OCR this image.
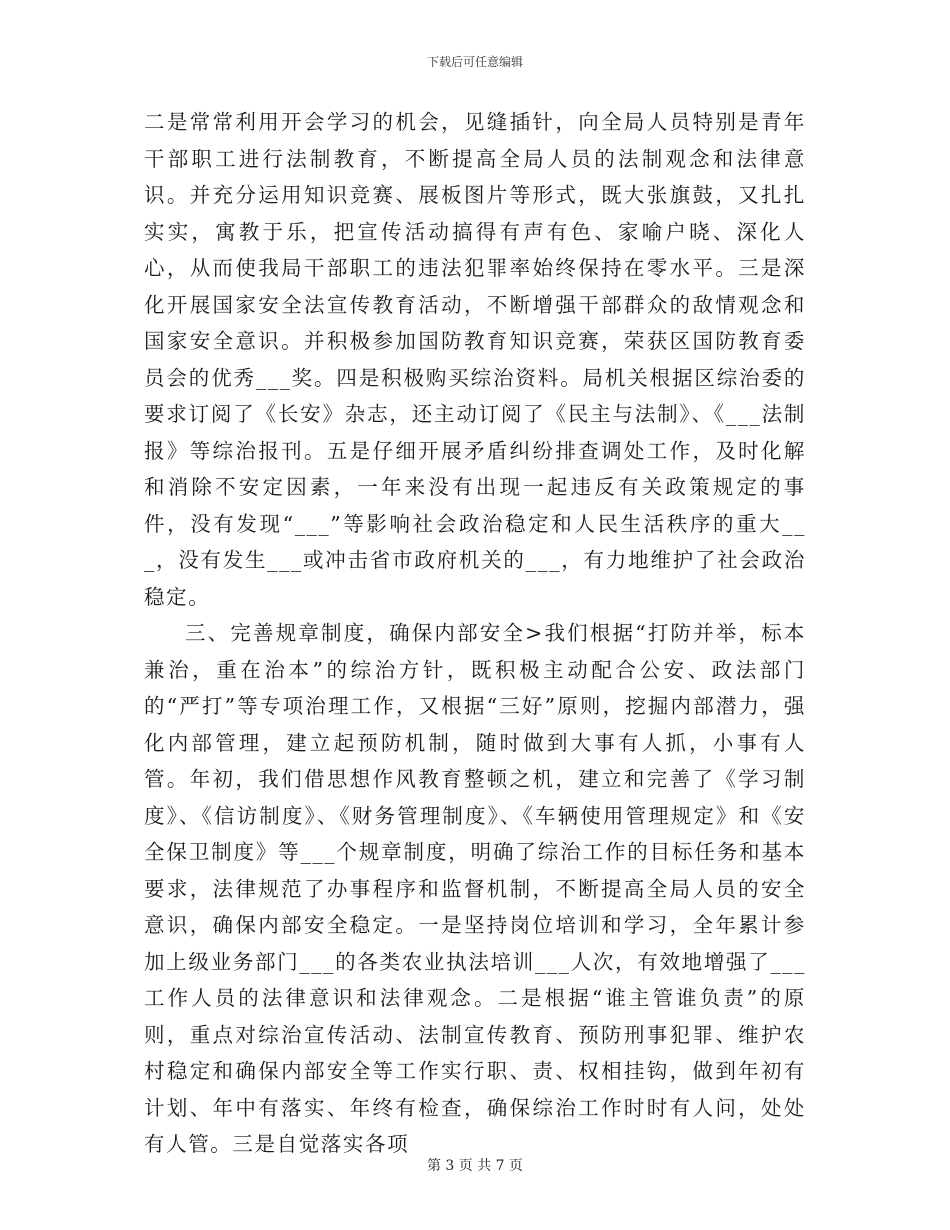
下载后可任意编辑

二是常常利用开会学习的机会，见缝插针，向全局人员特别是青年干部职工进行法制教育，不断提高全局人员的法制观念和法律意识。并充分运用知识竞赛、展板图片等形式，既大张旗鼓，又扎扎实实，寓教于乐，把宣传活动搞得有声有色、家喻户晓、深化人心，从而使我局干部职工的违法犯罪率始终保持在零水平。三是深化开展国家安全法宣传教育活动，不断增强干部群众的敌情观念和国家安全意识。并积极参加国防教育知识竞赛，荣获区国防教育委员会的优秀___奖。四是积极购买综治资料。局机关根据区综治委的要求订阅了《长安》杂志，还主动订阅了《民主与法制》、《___法制报》等综治报刊。五是仔细开展矛盾纠纷排查调处工作，及时化解和消除不安定因素，一年来没有出现一起违反有关政策规定的事件，没有发现“___”等影响社会政治稳定和人民生活秩序的重大___，没有发生___或冲击省市政府机关的___，有力地维护了社会政治稳定。

三、完善规章制度，确保内部安全>我们根据“打防并举，标本兼治，重在治本”的综治方针，既积极主动配合公安、政法部门的“严打”等专项治理工作，又根据“三好”原则，挖掘内部潜力，强化内部管理，建立起预防机制，随时做到大事有人抓，小事有人管。年初，我们借思想作风教育整顿之机，建立和完善了《学习制度》、《信访制度》、《财务管理制度》、《车辆使用管理规定》和《安全保卫制度》等___个规章制度，明确了综治工作的目标任务和基本要求，法律规范了办事程序和监督机制，不断提高全局人员的安全意识，确保内部安全稳定。一是坚持岗位培训和学习，全年累计参加上级业务部门___的各类农业执法培训___人次，有效地增强了___工作人员的法律意识和法律观念。二是根据“谁主管谁负责”的原则，重点对综治宣传活动、法制宣传教育、预防刑事犯罪、维护农村稳定和确保内部安全等工作实行职、责、权相挂钩，做到年初有计划、年中有落实、年终有检查，确保综治工作时时有人问，处处有人管。三是自觉落实各项

第 3 页 共 7 页
